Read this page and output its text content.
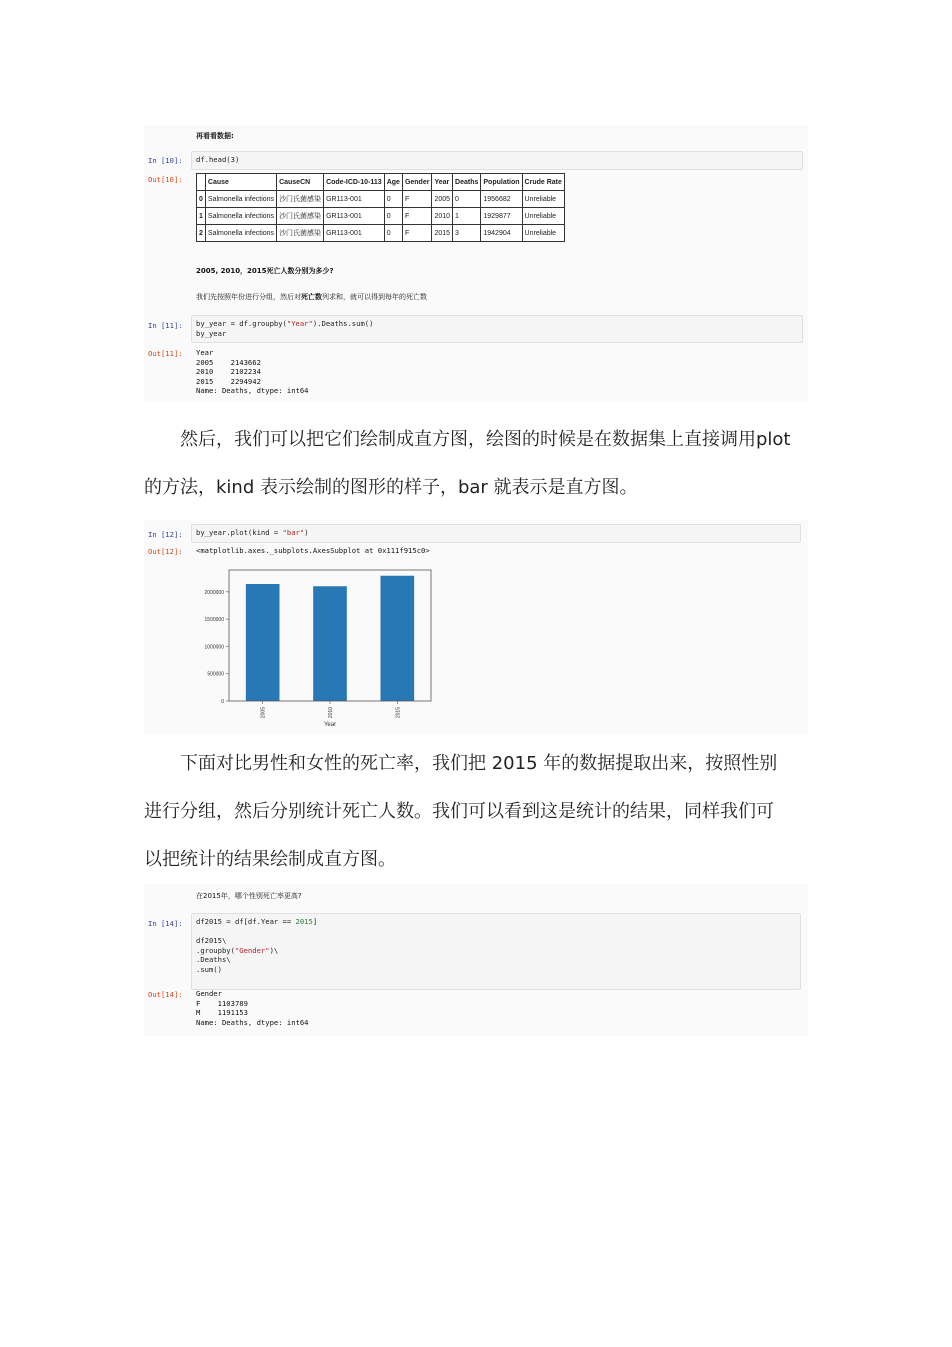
再看看数据:
In [10]:	df.head(3)
Out[10]:
		Cause	CauseCN	Code-ICD-10-113	Age	Gender	Year	Deaths	Population	Crude Rate
0	Salmonella infections	沙门氏菌感染	GR113-001	0	F	2005	0	1956682	Unreliable
1	Salmonella infections	沙门氏菌感染	GR113-001	0	F	2010	1	1929877	Unreliable
2	Salmonella infections	沙门氏菌感染	GR113-001	0	F	2015	3	1942904	Unreliable
2005, 2010，2015死亡人数分别为多少?
我们先按照年份进行分组，然后对死亡数列求和，就可以得到每年的死亡数
In [11]:	by_year = df.groupby("Year").Deaths.sum()
by_year
Out[11]: Year
2005    2143662
2010    2102234
2015    2294942
Name: Deaths, dtype: int64
然后，我们可以把它们绘制成直方图，绘图的时候是在数据集上直接调用plot
的方法，kind 表示绘制的图形的样子，bar 就表示是直方图。
In [12]:	by_year.plot(kind = "bar")
Out[12]: <matplotlib.axes._subplots.AxesSubplot at 0x111f915c0>
0
500000
1000000
1500000
2000000
2005	2010	2015
Year
下面对比男性和女性的死亡率，我们把 2015 年的数据提取出来，按照性别
进行分组，然后分别统计死亡人数。我们可以看到这是统计的结果，同样我们可
以把统计的结果绘制成直方图。
在2015年，哪个性别死亡率更高?
In [14]:	df2015 = df[df.Year == 2015]

df2015\
.groupby("Gender")\
.Deaths\
.sum()
Out[14]: Gender
F    1103789
M    1191153
Name: Deaths, dtype: int64
